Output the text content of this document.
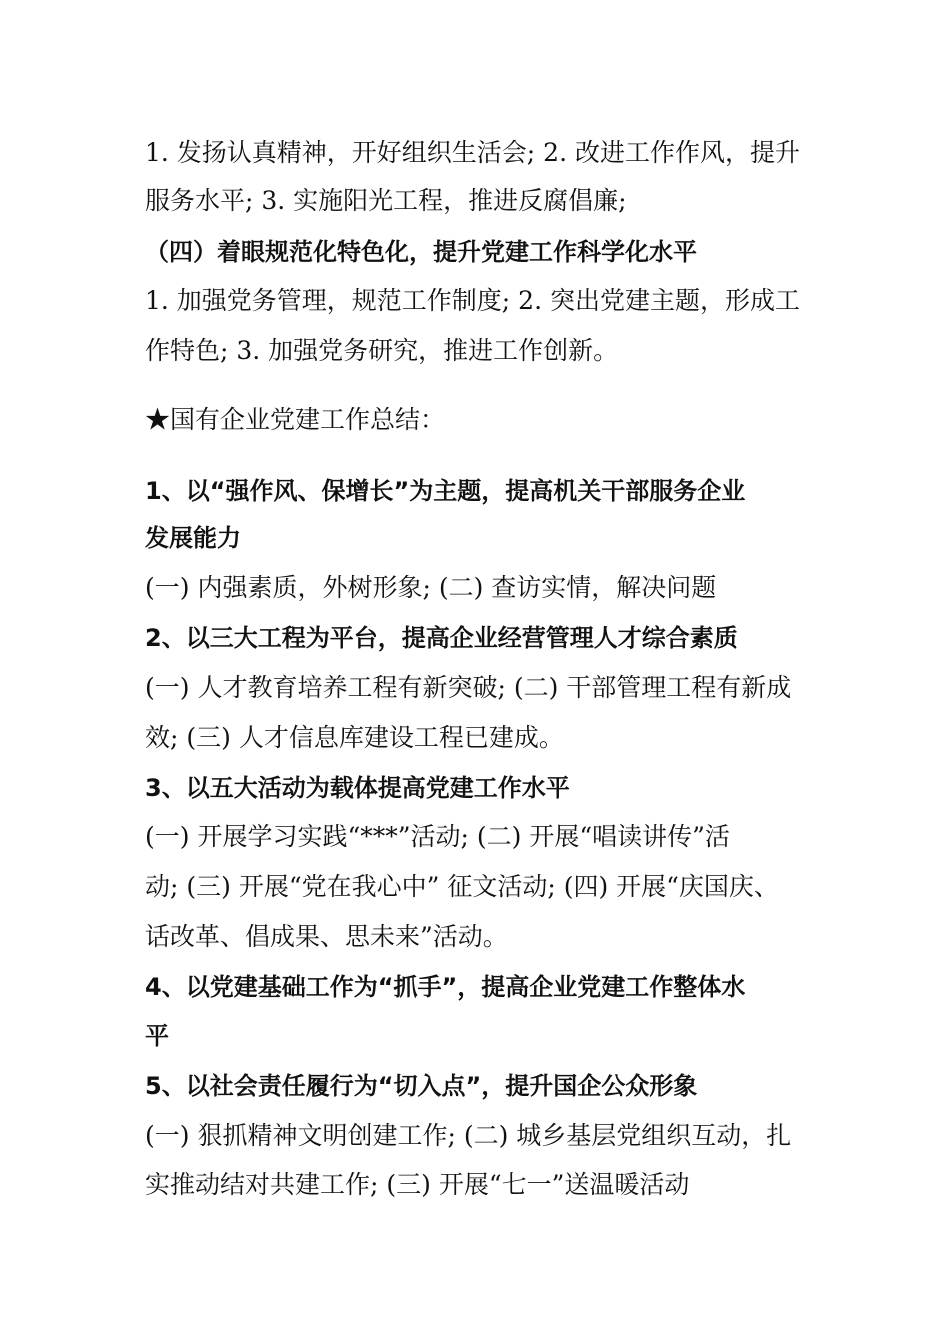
1. 发扬认真精神，开好组织生活会; 2. 改进工作作风，提升
服务水平; 3. 实施阳光工程，推进反腐倡廉;
（四）着眼规范化特色化，提升党建工作科学化水平
1. 加强党务管理，规范工作制度; 2. 突出党建主题，形成工
作特色; 3. 加强党务研究，推进工作创新。
★国有企业党建工作总结：
1、以“强作风、保增长”为主题，提高机关干部服务企业
发展能力
(一) 内强素质，外树形象; (二) 查访实情，解决问题
2、以三大工程为平台，提高企业经营管理人才综合素质
(一) 人才教育培养工程有新突破; (二) 干部管理工程有新成
效; (三) 人才信息库建设工程已建成。
3、以五大活动为载体提高党建工作水平
(一) 开展学习实践“***”活动; (二) 开展“唱读讲传”活
动; (三) 开展“党在我心中” 征文活动; (四) 开展“庆国庆、
话改革、倡成果、思未来”活动。
4、以党建基础工作为“抓手”，提高企业党建工作整体水
平
5、以社会责任履行为“切入点”，提升国企公众形象
(一) 狠抓精神文明创建工作; (二) 城乡基层党组织互动，扎
实推动结对共建工作; (三) 开展“七一”送温暖活动
